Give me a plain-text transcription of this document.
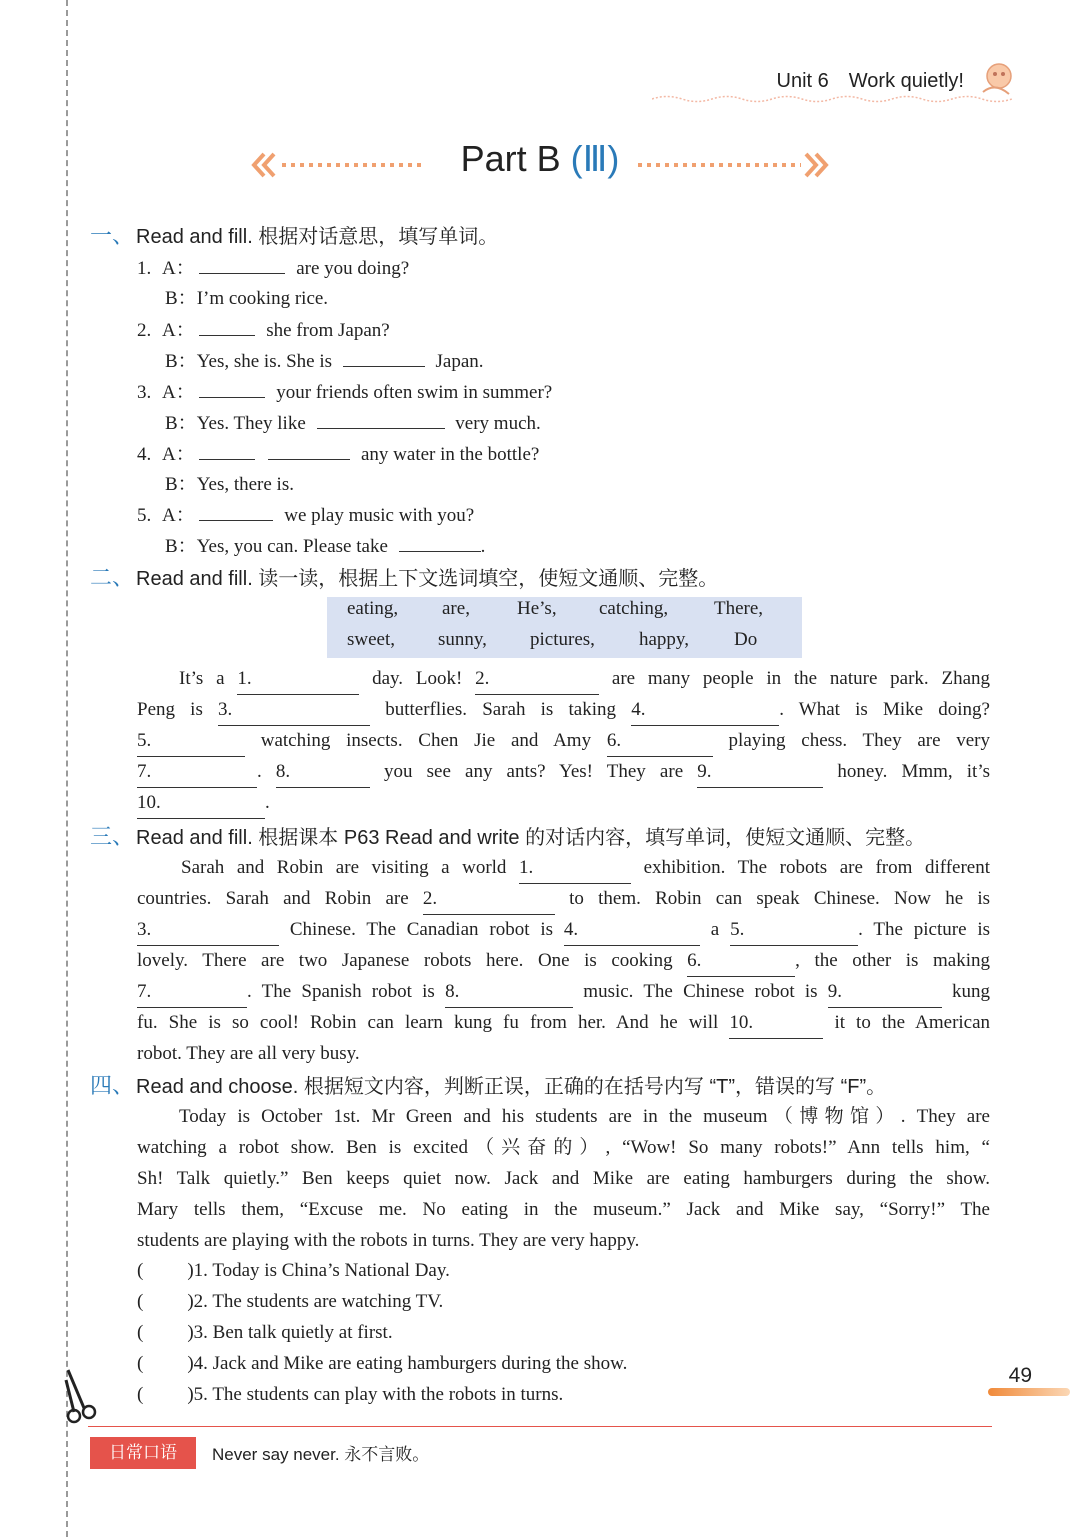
Unit 6 Work quietly!
Part B (Ⅲ)
一、 Read and fill. 根据对话意思，填写单词。
1. A：	are you doing?
B：I’m cooking rice.
2. A：	she from Japan?
B：Yes, she is. She is	Japan.
3. A：	your friends often swim in summer?
B：Yes. They like	very much.
4. A：	any water in the bottle?
B：Yes, there is.
5. A：	we play music with you?
B：Yes, you can. Please take	.
二、 Read and fill. 读一读，根据上下文选词填空，使短文通顺、完整。
eating, are, He’s, catching, There,
sweet, sunny, pictures, happy, Do
It’s a 1.	day. Look! 2.	are many people in the nature park. Zhang
Peng is 3.	butterflies. Sarah is taking 4.	. What is Mike doing?
5.	watching insects. Chen Jie and Amy 6.	playing chess. They are very
7.	. 8.	you see any ants? Yes! They are 9.	honey. Mmm, it’s
10.	.
三、 Read and fill. 根据课本 P63 Read and write 的对话内容，填写单词，使短文通顺、完整。
Sarah and Robin are visiting a world 1.	exhibition. The robots are from different
countries. Sarah and Robin are 2.	to them. Robin can speak Chinese. Now he is
3.	Chinese. The Canadian robot is 4.	a 5.	. The picture is
lovely. There are two Japanese robots here. One is cooking 6.	, the other is making
7.	. The Spanish robot is 8.	music. The Chinese robot is 9.	kung
fu. She is so cool! Robin can learn kung fu from her. And he will 10.	it to the American
robot. They are all very busy.
四、 Read and choose. 根据短文内容，判断正误，正确的在括号内写 “T”，错误的写 “F”。
Today is October 1st. Mr Green and his students are in the museum（博物馆）. They are
watching a robot show. Ben is excited（兴奋的）, “Wow! So many robots!” Ann tells him, “
Sh! Talk quietly.” Ben keeps quiet now. Jack and Mike are eating hamburgers during the show.
Mary tells them, “Excuse me. No eating in the museum.” Jack and Mike say, “Sorry!” The
students are playing with the robots in turns. They are very happy.
( )1. Today is China’s National Day.
( )2. The students are watching TV.
( )3. Ben talk quietly at first.
( )4. Jack and Mike are eating hamburgers during the show.
( )5. The students can play with the robots in turns.
49
日常口语	Never say never. 永不言败。
